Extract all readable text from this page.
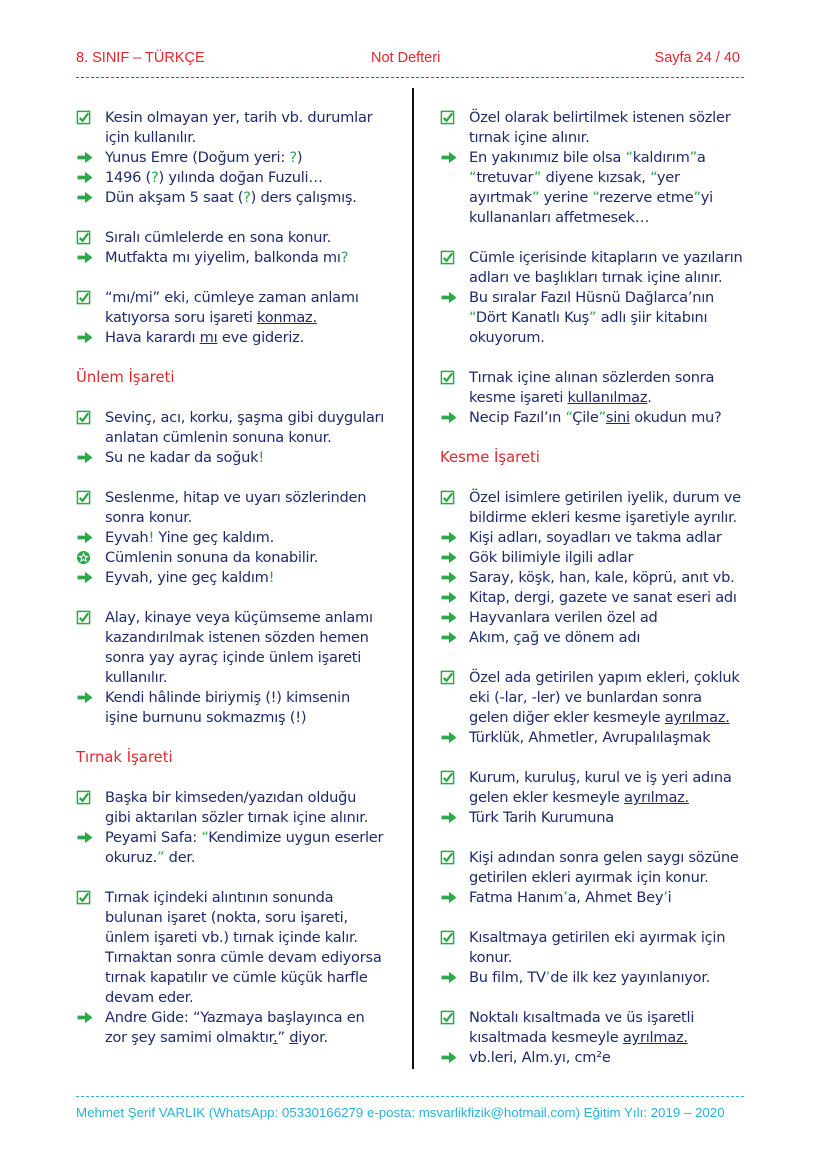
8. SINIF – TÜRKÇE	Not Defteri	Sayfa 24 / 40
Kesin olmayan yer, tarih vb. durumlar
için kullanılır.
Yunus Emre (Doğum yeri: ?)
1496 (?) yılında doğan Fuzuli…
Dün akşam 5 saat (?) ders çalışmış.
Sıralı cümlelerde en sona konur.
Mutfakta mı yiyelim, balkonda mı?
“mı/mi” eki, cümleye zaman anlamı
katıyorsa soru işareti konmaz.
Hava karardı mı eve gideriz.
Ünlem İşareti
Sevinç, acı, korku, şaşma gibi duyguları
anlatan cümlenin sonuna konur.
Su ne kadar da soğuk!
Seslenme, hitap ve uyarı sözlerinden
sonra konur.
Eyvah! Yine geç kaldım.
Cümlenin sonuna da konabilir.
Eyvah, yine geç kaldım!
Alay, kinaye veya küçümseme anlamı
kazandırılmak istenen sözden hemen
sonra yay ayraç içinde ünlem işareti
kullanılır.
Kendi hâlinde biriymiş (!) kimsenin
işine burnunu sokmazmış (!)
Tırnak İşareti
Başka bir kimseden/yazıdan olduğu
gibi aktarılan sözler tırnak içine alınır.
Peyami Safa: “Kendimize uygun eserler
okuruz.” der.
Tırnak içindeki alıntının sonunda
bulunan işaret (nokta, soru işareti,
ünlem işareti vb.) tırnak içinde kalır.
Tırnaktan sonra cümle devam ediyorsa
tırnak kapatılır ve cümle küçük harfle
devam eder.
Andre Gide: “Yazmaya başlayınca en
zor şey samimi olmaktır.” diyor.
Özel olarak belirtilmek istenen sözler
tırnak içine alınır.
En yakınımız bile olsa “kaldırım”a
“tretuvar” diyene kızsak, “yer
ayırtmak” yerine “rezerve etme”yi
kullananları affetmesek…
Cümle içerisinde kitapların ve yazıların
adları ve başlıkları tırnak içine alınır.
Bu sıralar Fazıl Hüsnü Dağlarca’nın
“Dört Kanatlı Kuş” adlı şiir kitabını
okuyorum.
Tırnak içine alınan sözlerden sonra
kesme işareti kullanılmaz.
Necip Fazıl’ın “Çile”sini okudun mu?
Kesme İşareti
Özel isimlere getirilen iyelik, durum ve
bildirme ekleri kesme işaretiyle ayrılır.
Kişi adları, soyadları ve takma adlar
Gök bilimiyle ilgili adlar
Saray, köşk, han, kale, köprü, anıt vb.
Kitap, dergi, gazete ve sanat eseri adı
Hayvanlara verilen özel ad
Akım, çağ ve dönem adı
Özel ada getirilen yapım ekleri, çokluk
eki (-lar, -ler) ve bunlardan sonra
gelen diğer ekler kesmeyle ayrılmaz.
Türklük, Ahmetler, Avrupalılaşmak
Kurum, kuruluş, kurul ve iş yeri adına
gelen ekler kesmeyle ayrılmaz.
Türk Tarih Kurumuna
Kişi adından sonra gelen saygı sözüne
getirilen ekleri ayırmak için konur.
Fatma Hanım’a, Ahmet Bey’i
Kısaltmaya getirilen eki ayırmak için
konur.
Bu film, TV’de ilk kez yayınlanıyor.
Noktalı kısaltmada ve üs işaretli
kısaltmada kesmeyle ayrılmaz.
vb.leri, Alm.yı, cm²e
Mehmet Şerif VARLIK (WhatsApp: 05330166279 e-posta: msvarlikfizik@hotmail.com) Eğitim Yılı: 2019 – 2020
